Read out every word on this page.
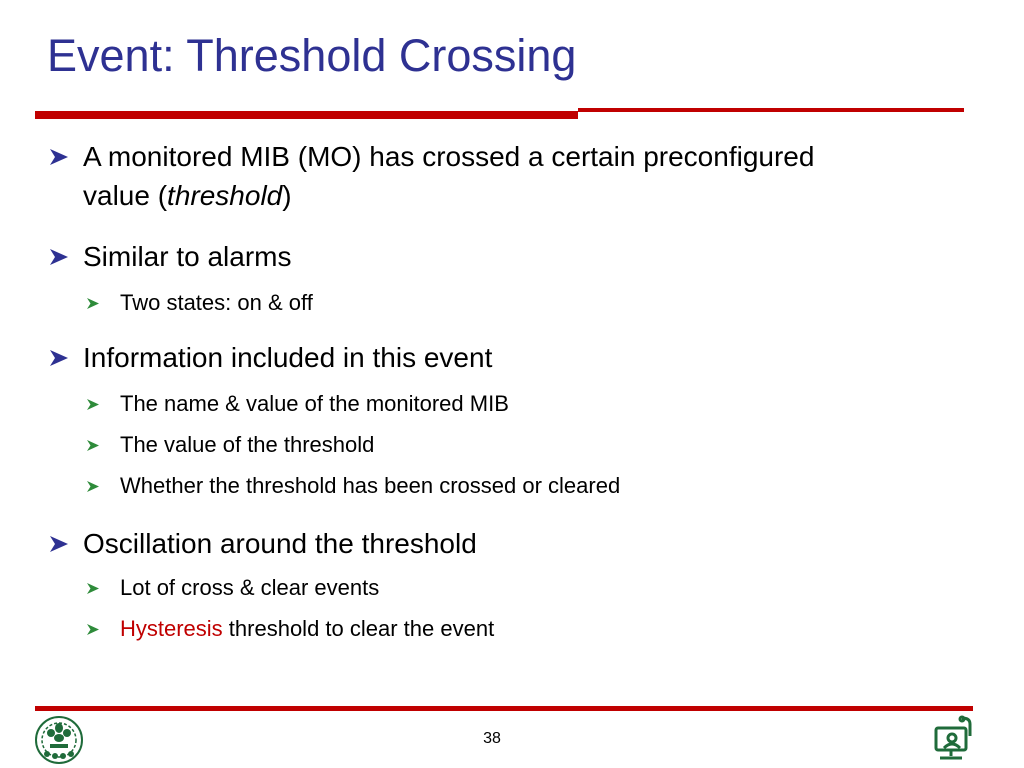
Event: Threshold Crossing
A monitored MIB (MO) has crossed a certain preconfigured
value (threshold)
Similar to alarms
Two states: on & off
Information included in this event
The name & value of the monitored MIB
The value of the threshold
Whether the threshold has been crossed or cleared
Oscillation around the threshold
Lot of cross & clear events
Hysteresis threshold to clear the event
38
